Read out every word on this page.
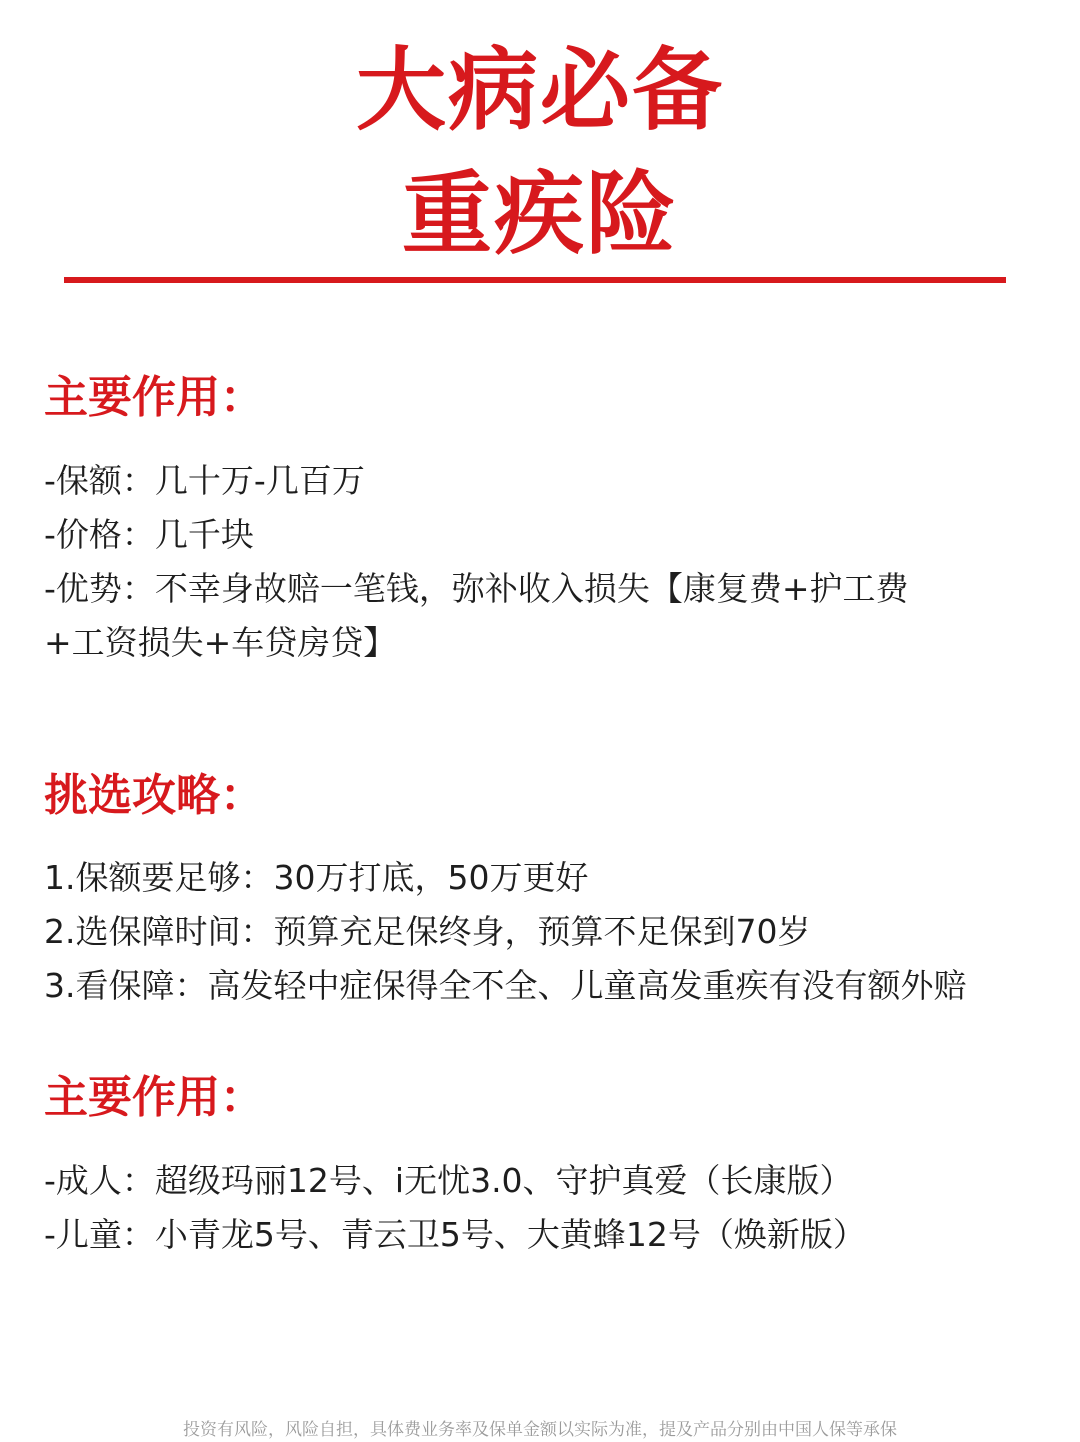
大病必备
重疾险
主要作用：
-保额：几十万-几百万
-价格：几千块
-优势：不幸身故赔一笔钱，弥补收入损失【康复费+护工费
+工资损失+车贷房贷】
挑选攻略：
1.保额要足够：30万打底，50万更好
2.选保障时间：预算充足保终身，预算不足保到70岁
3.看保障：高发轻中症保得全不全、儿童高发重疾有没有额外赔
主要作用：
-成人：超级玛丽12号、i无忧3.0、守护真爱（长康版）
-儿童：小青龙5号、青云卫5号、大黄蜂12号（焕新版）
投资有风险，风险自担，具体费业务率及保单金额以实际为准，提及产品分别由中国人保等承保
